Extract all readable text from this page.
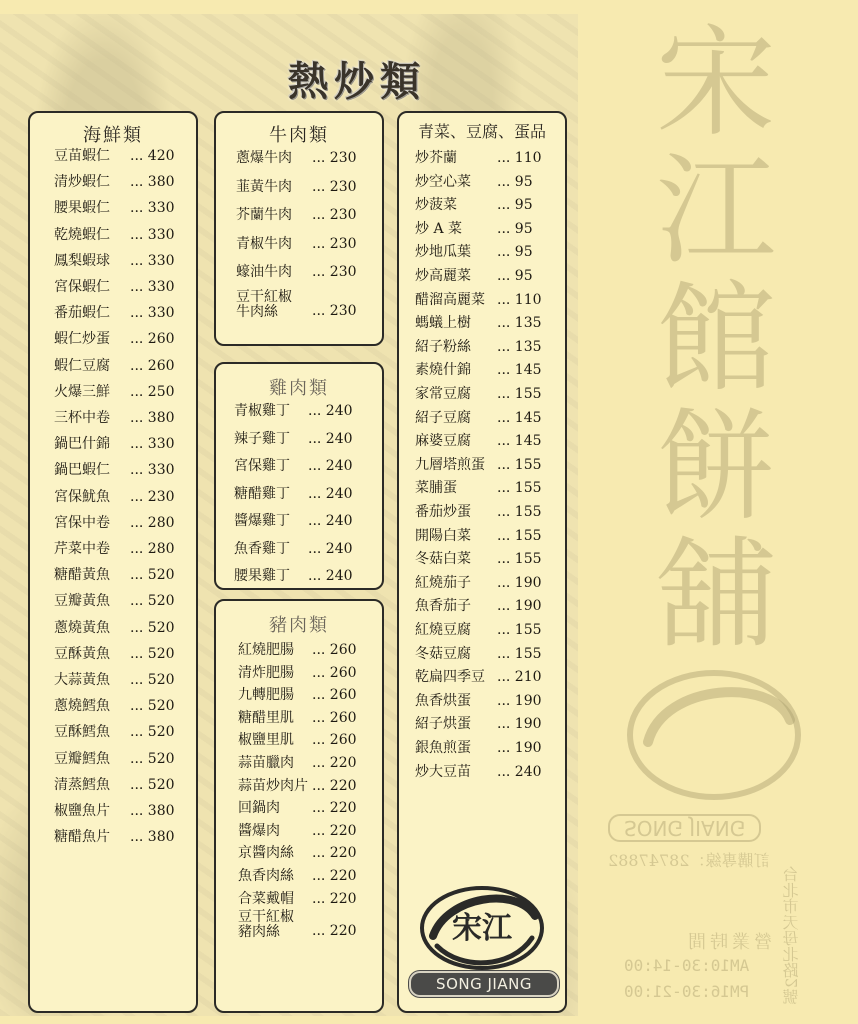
熱炒類
海鮮類
豆苗蝦仁 ... 420
清炒蝦仁 ... 380
腰果蝦仁 ... 330
乾燒蝦仁 ... 330
鳳梨蝦球 ... 330
宮保蝦仁 ... 330
番茄蝦仁 ... 330
蝦仁炒蛋 ... 260
蝦仁豆腐 ... 260
火爆三鮮 ... 250
三杯中卷 ... 380
鍋巴什錦 ... 330
鍋巴蝦仁 ... 330
宮保魷魚 ... 230
宮保中卷 ... 280
芹菜中卷 ... 280
糖醋黃魚 ... 520
豆瓣黃魚 ... 520
蔥燒黃魚 ... 520
豆酥黃魚 ... 520
大蒜黃魚 ... 520
蔥燒鱈魚 ... 520
豆酥鱈魚 ... 520
豆瓣鱈魚 ... 520
清蒸鱈魚 ... 520
椒鹽魚片 ... 380
糖醋魚片 ... 380
牛肉類
蔥爆牛肉 ... 230
韮黃牛肉 ... 230
芥蘭牛肉 ... 230
青椒牛肉 ... 230
蠔油牛肉 ... 230
豆干紅椒
牛肉絲	... 230
雞肉類
青椒雞丁 ... 240
辣子雞丁 ... 240
宮保雞丁 ... 240
糖醋雞丁 ... 240
醬爆雞丁 ... 240
魚香雞丁 ... 240
腰果雞丁 ... 240
豬肉類
紅燒肥腸 ... 260
清炸肥腸 ... 260
九轉肥腸 ... 260
糖醋里肌 ... 260
椒鹽里肌 ... 260
蒜苗臘肉 ... 220
蒜苗炒肉片 ... 220
回鍋肉 ... 220
醬爆肉 ... 220
京醬肉絲 ... 220
魚香肉絲 ... 220
合菜戴帽 ... 220
豆干紅椒
豬肉絲	... 220
青菜、豆腐、蛋品
炒芥蘭	... 110
炒空心菜 ... 95
炒菠菜	... 95
炒 A 菜 ... 95
炒地瓜葉 ... 95
炒高麗菜 ... 95
醋溜高麗菜 ... 110
螞蟻上樹 ... 135
紹子粉絲 ... 135
素燒什錦 ... 145
家常豆腐 ... 155
紹子豆腐 ... 145
麻婆豆腐 ... 145
九層塔煎蛋 ... 155
菜脯蛋	... 155
番茄炒蛋 ... 155
開陽白菜 ... 155
冬菇白菜 ... 155
紅燒茄子 ... 190
魚香茄子 ... 190
紅燒豆腐 ... 155
冬菇豆腐 ... 155
乾扁四季豆 ... 210
魚香烘蛋 ... 190
紹子烘蛋 ... 190
銀魚煎蛋 ... 190
炒大豆苗 ... 240
宋江
SONG JIANG
宋江館餅舖
SONG JIANG
訂購專線：28747882
台北市天母北路2號
營業時間
AM10:30-14:00
PM16:30-21:00
